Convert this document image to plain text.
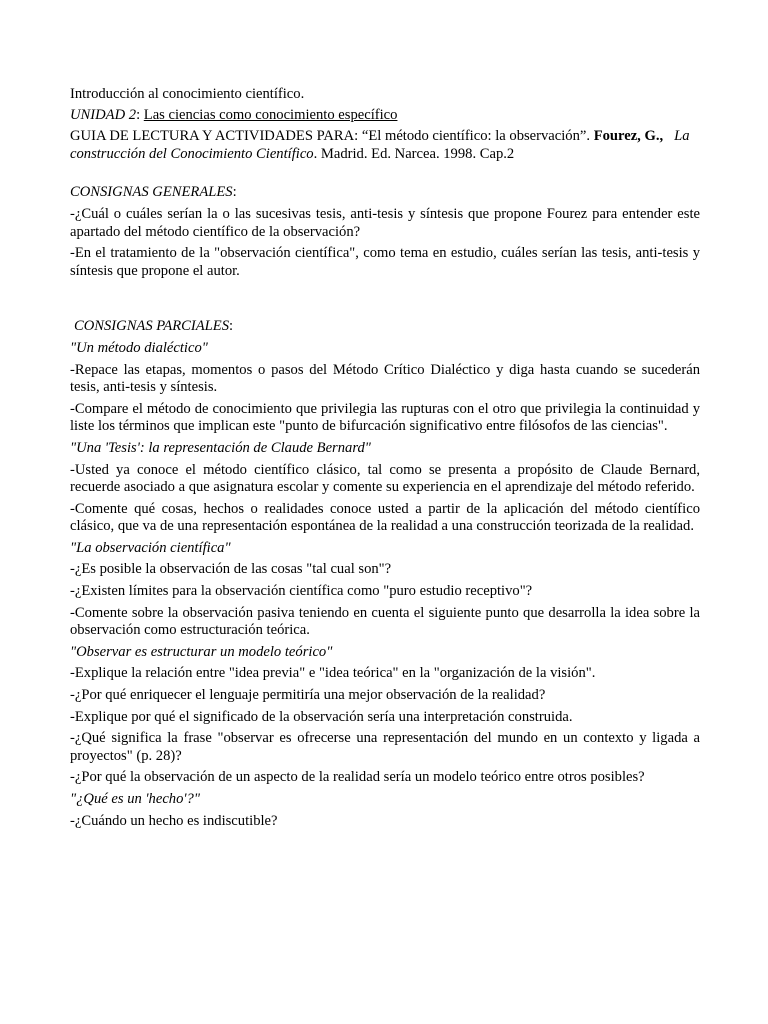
Introducción al conocimiento científico.

UNIDAD 2: Las ciencias como conocimiento específico

GUIA DE LECTURA Y ACTIVIDADES PARA: “El método científico: la observación”. Fourez, G., La construcción del Conocimiento Científico. Madrid. Ed. Narcea. 1998. Cap.2

CONSIGNAS GENERALES:

-¿Cuál o cuáles serían la o las sucesivas tesis, anti-tesis y síntesis que propone Fourez para entender este apartado del método científico de la observación?

-En el tratamiento de la "observación científica", como tema en estudio, cuáles serían las tesis, anti-tesis y síntesis que propone el autor.

CONSIGNAS PARCIALES:

"Un método dialéctico"

-Repace las etapas, momentos o pasos del Método Crítico Dialéctico y diga hasta cuando se sucederán tesis, anti-tesis y síntesis.

-Compare el método de conocimiento que privilegia las rupturas con el otro que privilegia la continuidad y liste los términos que implican este "punto de bifurcación significativo entre filósofos de las ciencias".

"Una 'Tesis': la representación de Claude Bernard"

-Usted ya conoce el método científico clásico, tal como se presenta a propósito de Claude Bernard, recuerde asociado a que asignatura escolar y comente su experiencia en el aprendizaje del método referido.

-Comente qué cosas, hechos o realidades conoce usted a partir de la aplicación del método científico clásico, que va de una representación espontánea de la realidad a una construcción teorizada de la realidad.

"La observación científica"

-¿Es posible la observación de las cosas "tal cual son"?

-¿Existen límites para la observación científica como "puro estudio receptivo"?

-Comente sobre la observación pasiva teniendo en cuenta el siguiente punto que desarrolla la idea sobre la observación como estructuración teórica.

"Observar es estructurar un modelo teórico"

-Explique la relación entre "idea previa" e "idea teórica" en la "organización de la visión".

-¿Por qué enriquecer el lenguaje permitiría una mejor observación de la realidad?

-Explique por qué el significado de la observación sería una interpretación construida.

-¿Qué significa la frase "observar es ofrecerse una representación del mundo en un contexto y ligada a proyectos" (p. 28)?

-¿Por qué la observación de un aspecto de la realidad sería un modelo teórico entre otros posibles?

"¿Qué es un 'hecho'?"

-¿Cuándo un hecho es indiscutible?
